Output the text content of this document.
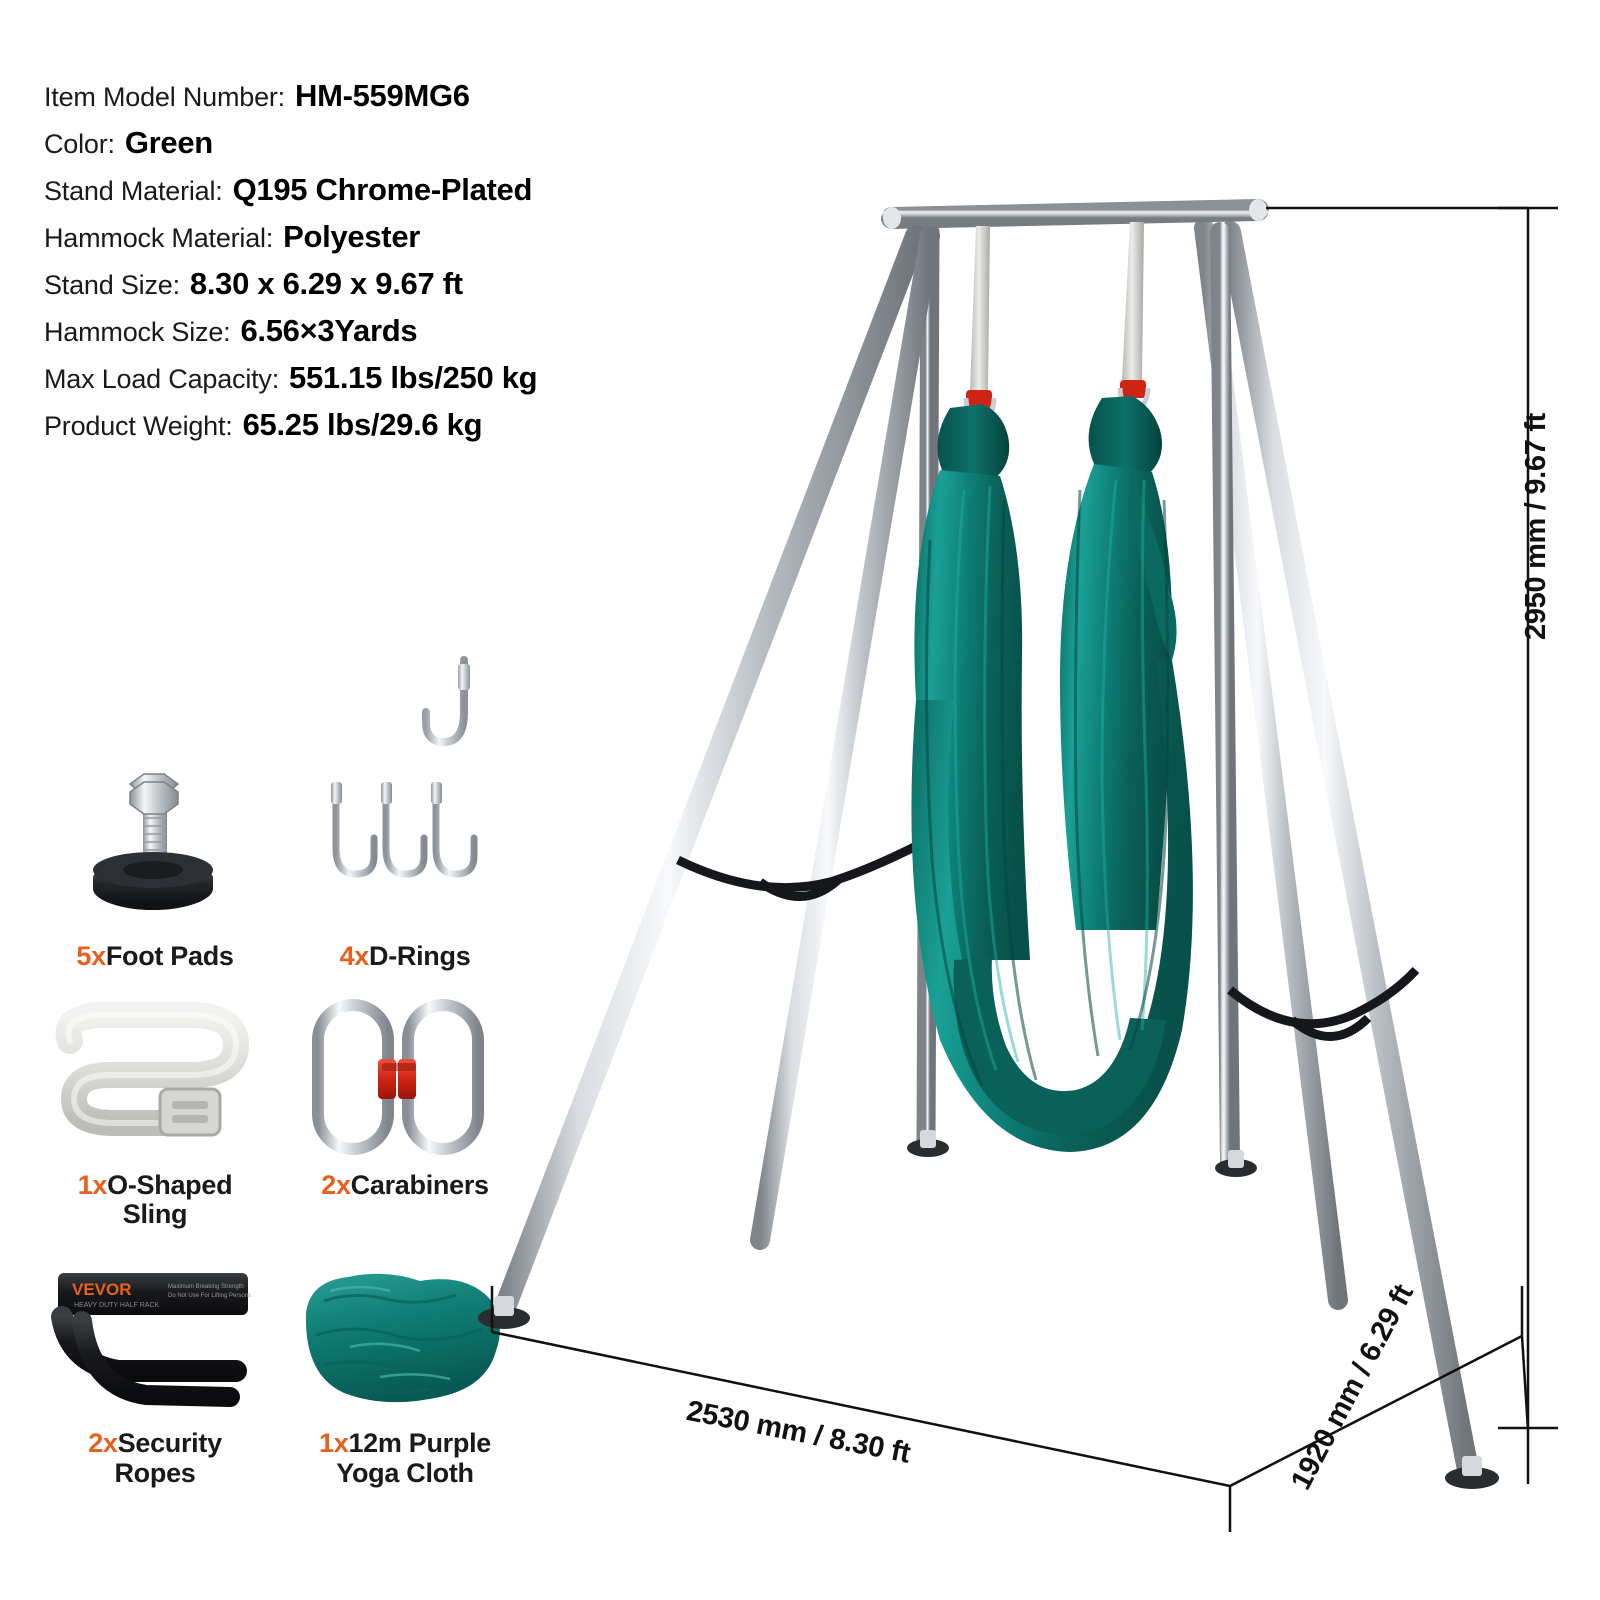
Item Model Number: HM-559MG6
Color: Green
Stand Material: Q195 Chrome-Plated
Hammock Material: Polyester
Stand Size: 8.30 x 6.29 x 9.67 ft
Hammock Size: 6.56×3Yards
Max Load Capacity: 551.15 lbs/250 kg
Product Weight: 65.25 lbs/29.6 kg
5xFoot Pads	4xD-Rings
1xO-Shaped
Sling
2xCarabiners
VEVOR
HEAVY DUTY HALF RACK
Maximum Breaking Strength
Do Not Use For Lifting Persons
2xSecurity
Ropes
1x12m Purple
Yoga Cloth
2950 mm / 9.67 ft
2530 mm / 8.30 ft	1920 mm / 6.29 ft
